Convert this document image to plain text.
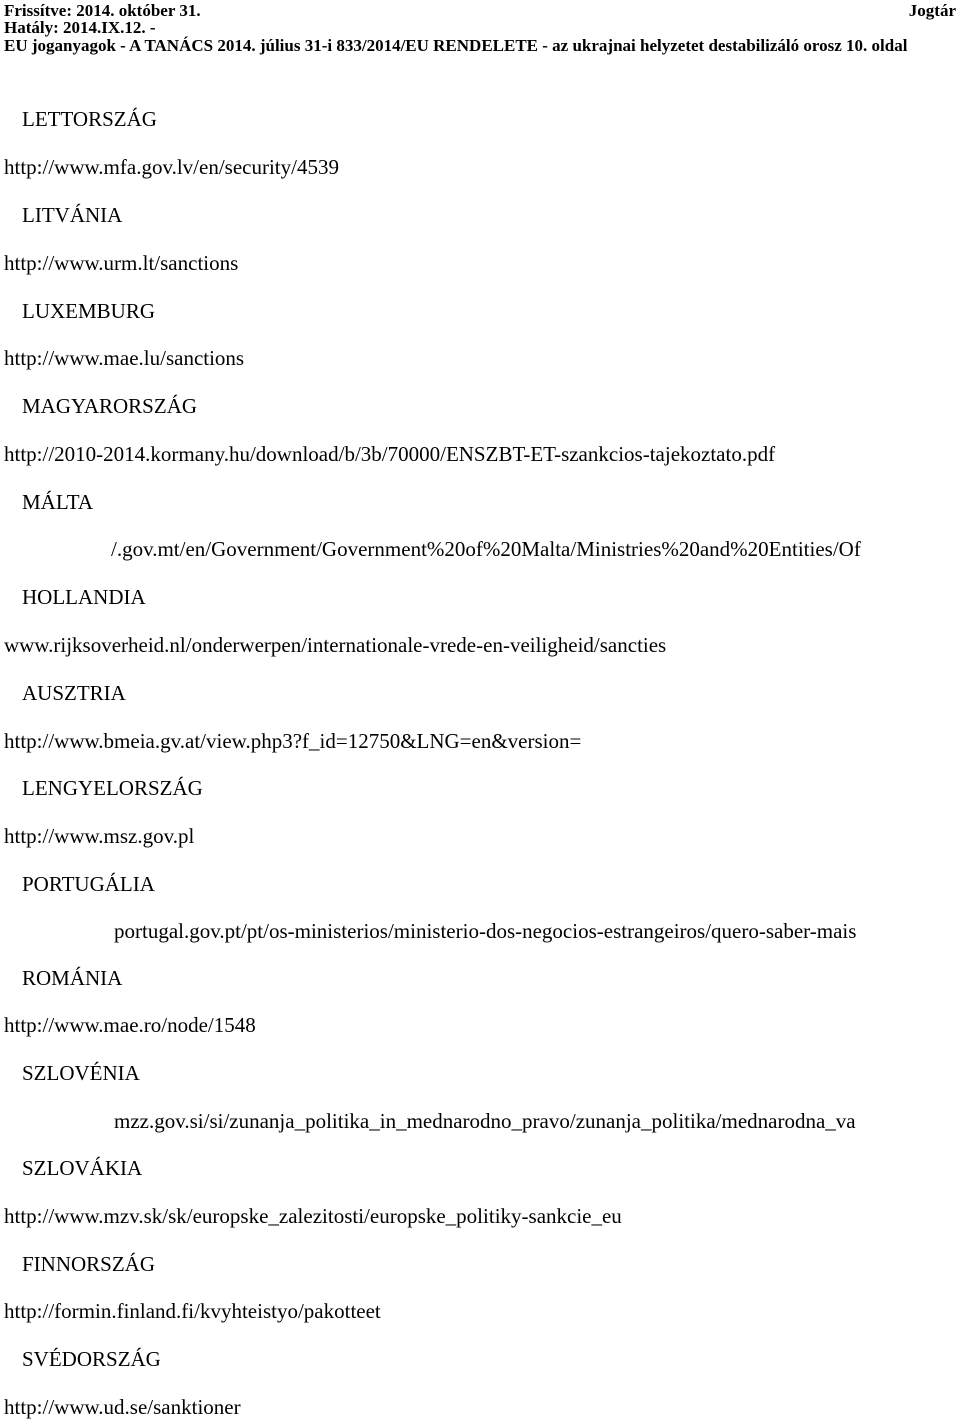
Frissítve: 2014. október 31.	Jogtár
Hatály: 2014.IX.12. -
EU joganyagok - A TANÁCS 2014. július 31-i 833/2014/EU RENDELETE - az ukrajnai helyzetet destabilizáló orosz 10. oldal
LETTORSZÁG
http://www.mfa.gov.lv/en/security/4539
LITVÁNIA
http://www.urm.lt/sanctions
LUXEMBURG
http://www.mae.lu/sanctions
MAGYARORSZÁG
http://2010-2014.kormany.hu/download/b/3b/70000/ENSZBT-ET-szankcios-tajekoztato.pdf
MÁLTA
/.gov.mt/en/Government/Government%20of%20Malta/Ministries%20and%20Entities/Of
HOLLANDIA
www.rijksoverheid.nl/onderwerpen/internationale-vrede-en-veiligheid/sancties
AUSZTRIA
http://www.bmeia.gv.at/view.php3?f_id=12750&LNG=en&version=
LENGYELORSZÁG
http://www.msz.gov.pl
PORTUGÁLIA
portugal.gov.pt/pt/os-ministerios/ministerio-dos-negocios-estrangeiros/quero-saber-mais
ROMÁNIA
http://www.mae.ro/node/1548
SZLOVÉNIA
mzz.gov.si/si/zunanja_politika_in_mednarodno_pravo/zunanja_politika/mednarodna_va
SZLOVÁKIA
http://www.mzv.sk/sk/europske_zalezitosti/europske_politiky-sankcie_eu
FINNORSZÁG
http://formin.finland.fi/kvyhteistyo/pakotteet
SVÉDORSZÁG
http://www.ud.se/sanktioner
